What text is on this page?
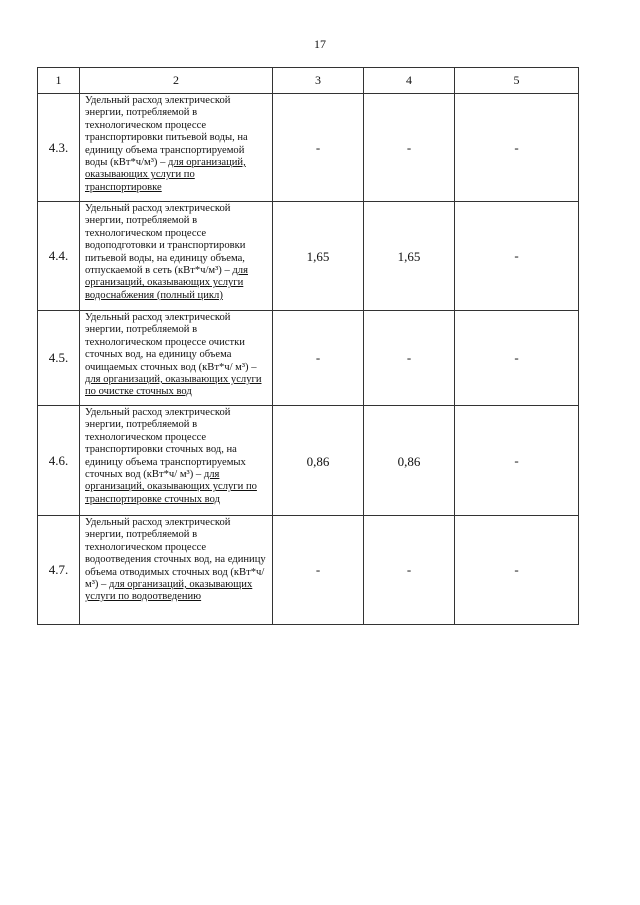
17
1	2	3	4	5
4.3.	Удельный расход электрической энергии, потребляемой в технологическом процессе транспортировки питьевой воды, на единицу объема транспортируемой воды (кВт*ч/м³) – для организаций, оказывающих услуги по транспортировке	-	-	-
4.4.	Удельный расход электрической энергии, потребляемой в технологическом процессе водоподготовки и транспортировки питьевой воды, на единицу объема, отпускаемой в сеть (кВт*ч/м³) – для организаций, оказывающих услуги водоснабжения (полный цикл)	1,65	1,65	-
4.5.	Удельный расход электрической энергии, потребляемой в технологическом процессе очистки сточных вод, на единицу объема очищаемых сточных вод (кВт*ч/ м³) – для организаций, оказывающих услуги по очистке сточных вод	-	-	-
4.6.	Удельный расход электрической энергии, потребляемой в технологическом процессе транспортировки сточных вод, на единицу объема транспортируемых сточных вод (кВт*ч/ м³) – для организаций, оказывающих услуги по транспортировке сточных вод	0,86	0,86	-
4.7.	Удельный расход электрической энергии, потребляемой в технологическом процессе водоотведения сточных вод, на единицу объема отводимых сточных вод (кВт*ч/ м³) – для организаций, оказывающих услуги по водоотведению	-	-	-
